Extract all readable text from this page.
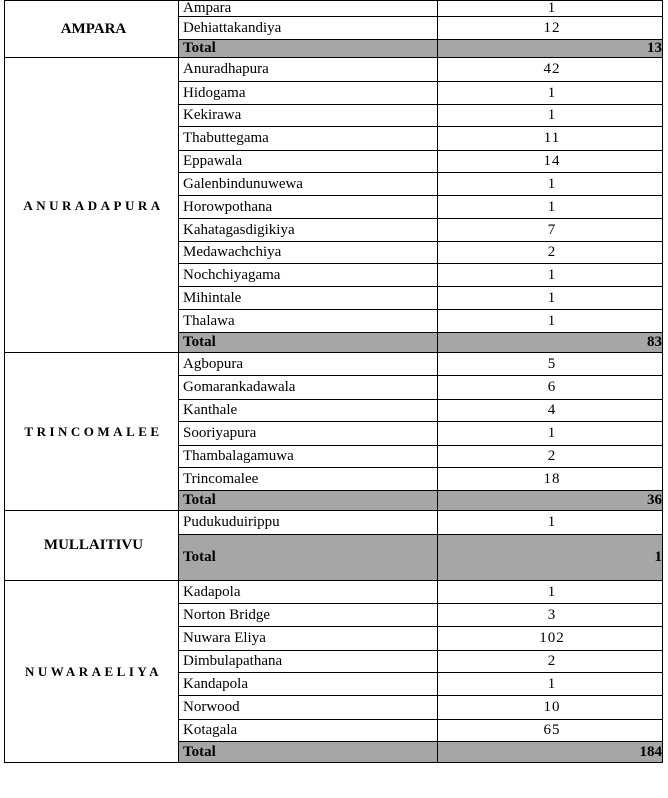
AMPARA	Ampara	1
	Dehiattakandiya	12
	Total	13
ANURADAPURA	Anuradhapura	42
	Hidogama	1
	Kekirawa	1
	Thabuttegama	11
	Eppawala	14
	Galenbindunuwewa	1
	Horowpothana	1
	Kahatagasdigikiya	7
	Medawachchiya	2
	Nochchiyagama	1
	Mihintale	1
	Thalawa	1
	Total	83
TRINCOMALEE	Agbopura	5
	Gomarankadawala	6
	Kanthale	4
	Sooriyapura	1
	Thambalagamuwa	2
	Trincomalee	18
	Total	36
MULLAITIVU	Pudukuduirippu	1
	Total	1
NUWARAELIYA	Kadapola	1
	Norton Bridge	3
	Nuwara Eliya	102
	Dimbulapathana	2
	Kandapola	1
	Norwood	10
	Kotagala	65
	Total	184
